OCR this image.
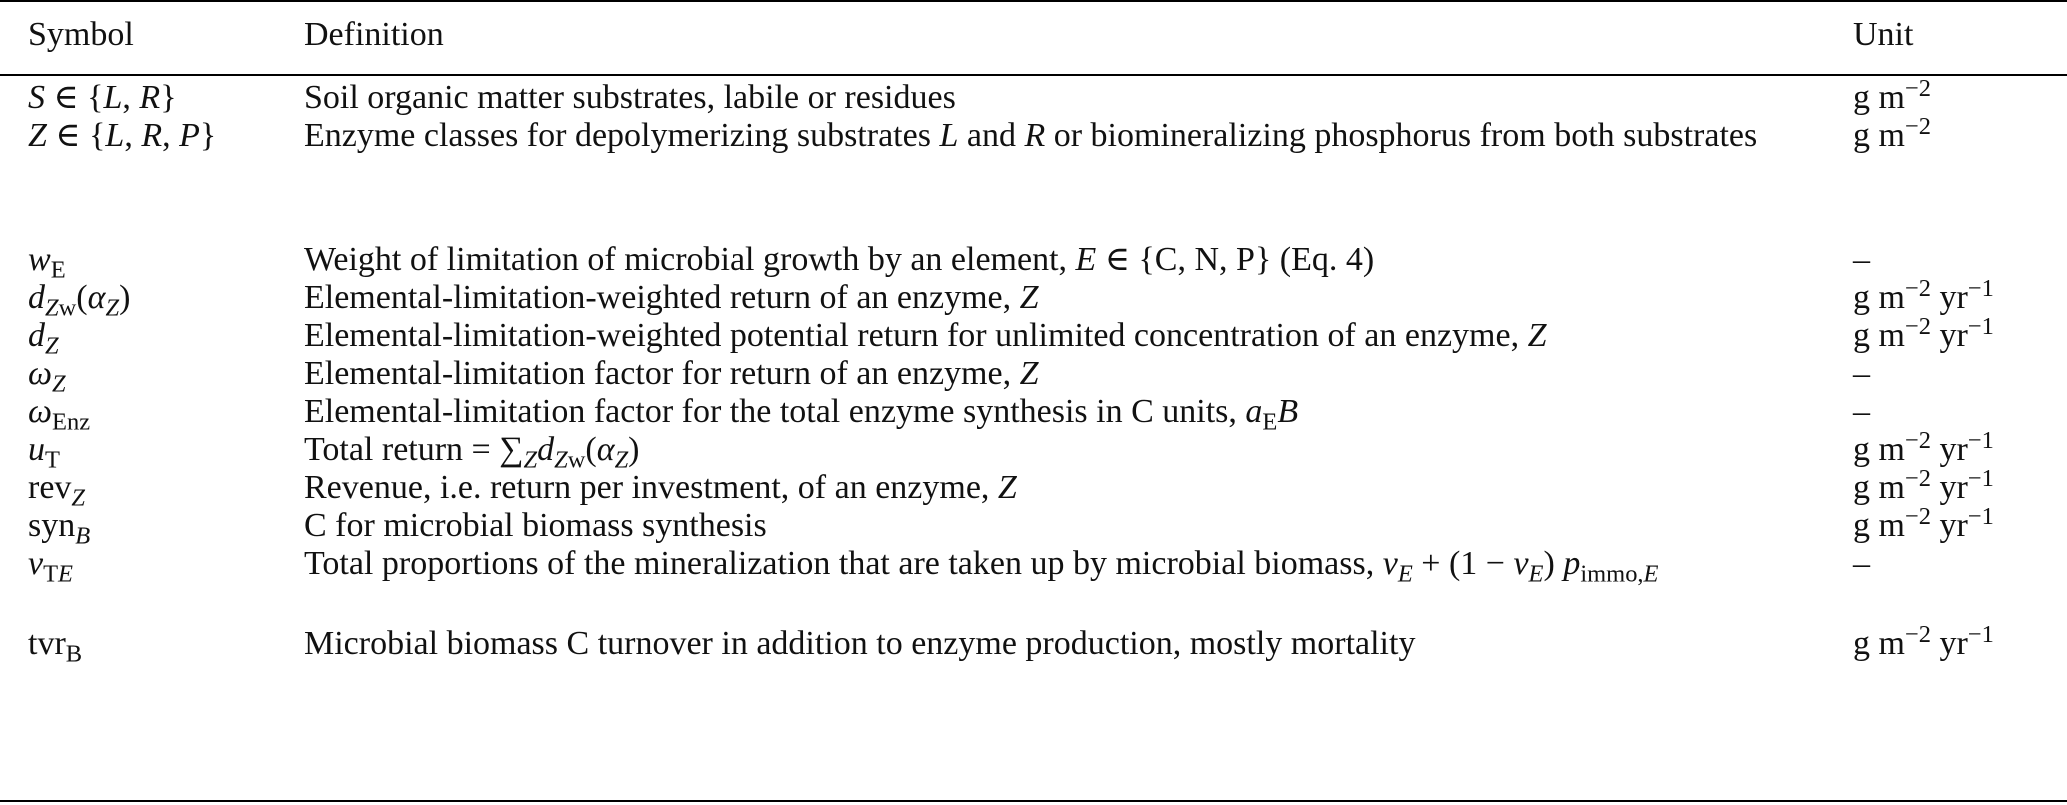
Symbol	Definition	Unit
S ∈ {L, R}	Soil organic matter substrates, labile or residues	g $m^{-2}$
Z ∈ {L, R, P}	Enzyme classes for depolymerizing substrates L and R or biomineralizing phosphorus from both substrates	g $m^{-2}$
$w_E$	Weight of limitation of microbial growth by an element, E ∈ {C, N, P} (Eq. 4)	–
$d_{Zw}(\alpha_Z)$	Elemental-limitation-weighted return of an enzyme, Z	g $m^{-2}$ $yr^{-1}$
$d_Z$	Elemental-limitation-weighted potential return for unlimited concentration of an enzyme, Z	g $m^{-2}$ $yr^{-1}$
$\omega_Z$	Elemental-limitation factor for return of an enzyme, Z	–
$\omega_{Enz}$	Elemental-limitation factor for the total enzyme synthesis in C units, $a_EB$	–
$u_T$	Total return = $\sum_Zd_{Zw}(\alpha_Z)$	g $m^{-2}$ $yr^{-1}$
rev$_Z$	Revenue, i.e. return per investment, of an enzyme, Z	g $m^{-2}$ $yr^{-1}$
syn$_B$	C for microbial biomass synthesis	g $m^{-2}$ $yr^{-1}$
$\nu_{TE}$	Total proportions of the mineralization that are taken up by microbial biomass, $\nu_E + (1 - \nu_E)$ $p_{immo,E}$	–
tvr$_B$	Microbial biomass C turnover in addition to enzyme production, mostly mortality	g $m^{-2}$ $yr^{-1}$
